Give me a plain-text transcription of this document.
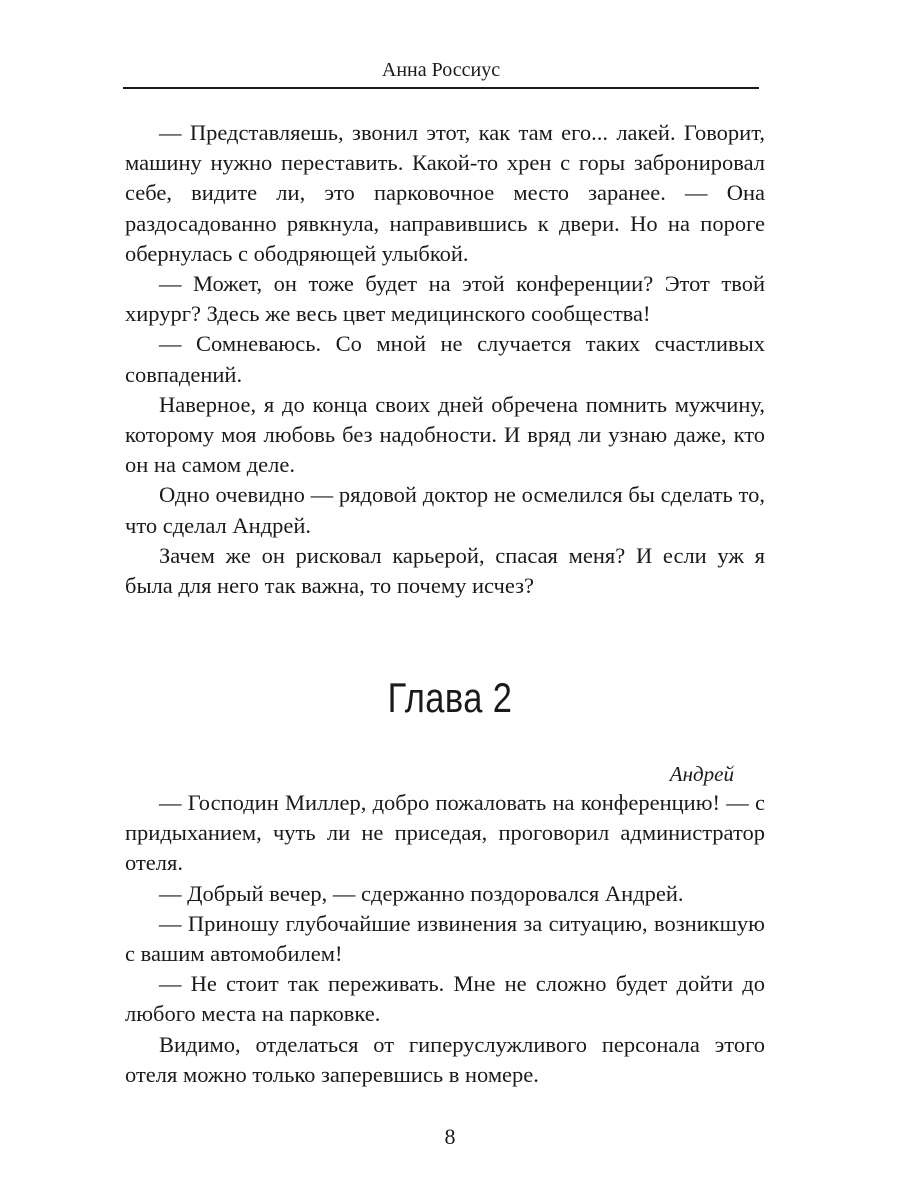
Анна Россиус

— Представляешь, звонил этот, как там его... лакей. Говорит, машину нужно переставить. Какой-то хрен с горы забронировал себе, видите ли, это парковочное место заранее. — Она раздосадованно рявкнула, направившись к двери. Но на пороге обернулась с ободряющей улыбкой.

— Может, он тоже будет на этой конференции? Этот твой хирург? Здесь же весь цвет медицинского сообщества!

— Сомневаюсь. Со мной не случается таких счастливых совпадений.

Наверное, я до конца своих дней обречена помнить мужчину, которому моя любовь без надобности. И вряд ли узнаю даже, кто он на самом деле.

Одно очевидно — рядовой доктор не осмелился бы сделать то, что сделал Андрей.

Зачем же он рисковал карьерой, спасая меня? И если уж я была для него так важна, то почему исчез?

Глава 2
Андрей

— Господин Миллер, добро пожаловать на конференцию! — с придыханием, чуть ли не приседая, проговорил администратор отеля.

— Добрый вечер, — сдержанно поздоровался Андрей.

— Приношу глубочайшие извинения за ситуацию, возникшую с вашим автомобилем!

— Не стоит так переживать. Мне не сложно будет дойти до любого места на парковке.

Видимо, отделаться от гиперуслужливого персонала этого отеля можно только заперевшись в номере.

8
